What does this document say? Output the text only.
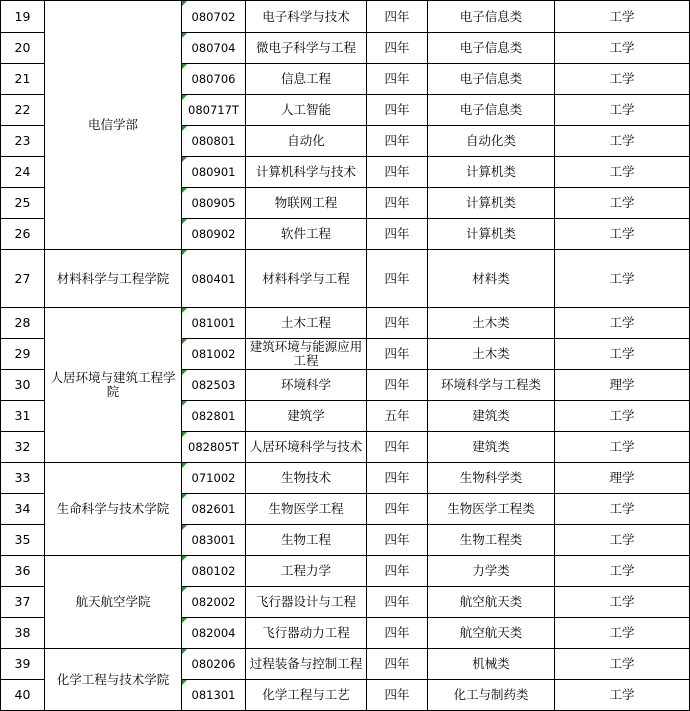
19	电信学部	080702	电子科学与技术	四年	电子信息类	工学
20		080704	微电子科学与工程	四年	电子信息类	工学
21		080706	信息工程	四年	电子信息类	工学
22		080717T	人工智能	四年	电子信息类	工学
23		080801	自动化	四年	自动化类	工学
24		080901	计算机科学与技术	四年	计算机类	工学
25		080905	物联网工程	四年	计算机类	工学
26		080902	软件工程	四年	计算机类	工学
27	材料科学与工程学院	080401	材料科学与工程	四年	材料类	工学
28	人居环境与建筑工程学院	081001	土木工程	四年	土木类	工学
29		081002	建筑环境与能源应用工程	四年	土木类	工学
30		082503	环境科学	四年	环境科学与工程类	理学
31		082801	建筑学	五年	建筑类	工学
32		082805T	人居环境科学与技术	四年	建筑类	工学
33	生命科学与技术学院	071002	生物技术	四年	生物科学类	理学
34		082601	生物医学工程	四年	生物医学工程类	工学
35		083001	生物工程	四年	生物工程类	工学
36	航天航空学院	080102	工程力学	四年	力学类	工学
37		082002	飞行器设计与工程	四年	航空航天类	工学
38		082004	飞行器动力工程	四年	航空航天类	工学
39	化学工程与技术学院	080206	过程装备与控制工程	四年	机械类	工学
40		081301	化学工程与工艺	四年	化工与制药类	工学
